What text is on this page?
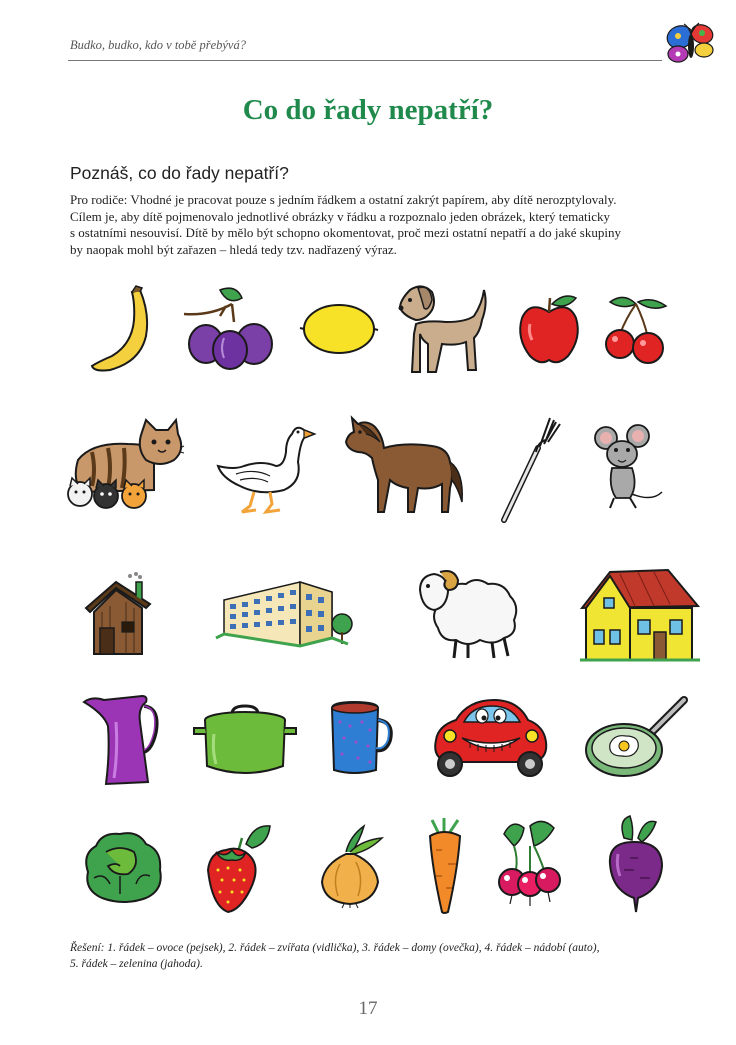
Budko, budko, kdo v tobě přebývá?
Co do řady nepatří?
Poznáš, co do řady nepatří?
Pro rodiče: Vhodné je pracovat pouze s jedním řádkem a ostatní zakrýt papírem, aby dítě nerozptylovaly.
Cílem je, aby dítě pojmenovalo jednotlivé obrázky v řádku a rozpoznalo jeden obrázek, který tematicky
s ostatními nesouvisí. Dítě by mělo být schopno okomentovat, proč mezi ostatní nepatří a do jaké skupiny
by naopak mohl být zařazen – hledá tedy tzv. nadřazený výraz.
Řešení: 1. řádek – ovoce (pejsek), 2. řádek – zvířata (vidlička), 3. řádek – domy (ovečka), 4. řádek – nádobí (auto),
5. řádek – zelenina (jahoda).
17
